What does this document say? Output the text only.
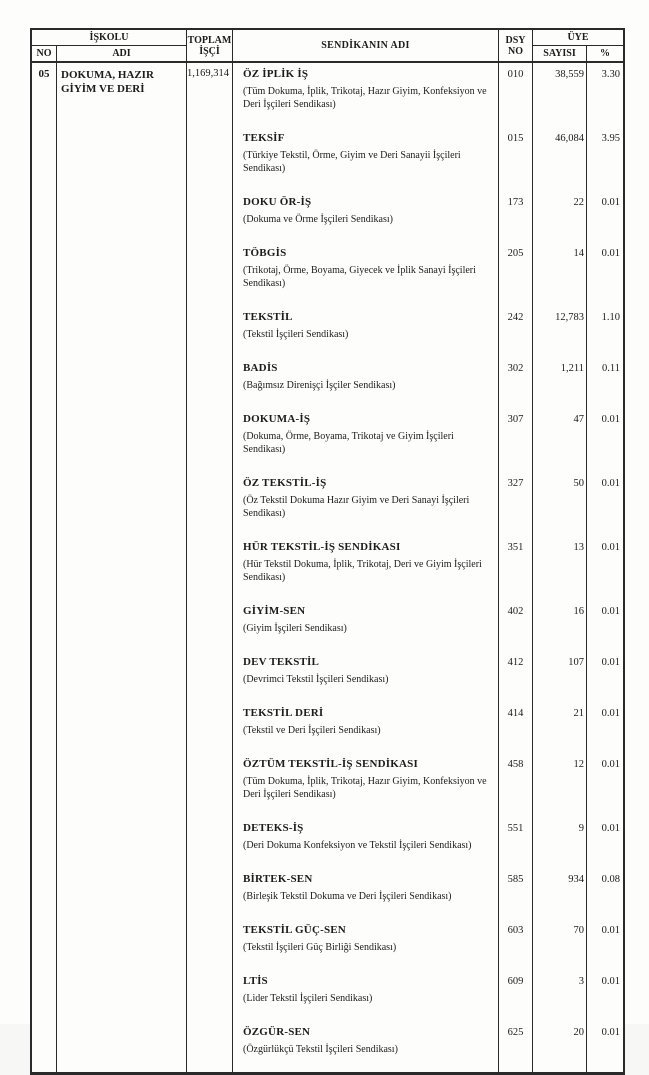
İŞKOLU
NO	ADI
TOPLAM
İŞÇİ	SENDİKANIN ADI	DSY
NO
ÜYE
SAYISI	%
05	DOKUMA, HAZIR GİYİM VE DERİ
1,169,314	ÖZ İPLİK İŞ
(Tüm Dokuma, İplik, Trikotaj, Hazır Giyim, Konfeksiyon ve Deri İşçileri Sendikası)
010	38,559	3.30
TEKSİF
(Türkiye Tekstil, Örme, Giyim ve Deri Sanayii İşçileri Sendikası)
015	46,084	3.95
DOKU ÖR-İŞ
(Dokuma ve Örme İşçileri Sendikası)
173	22	0.01
TÖBGİS
(Trikotaj, Örme, Boyama, Giyecek ve İplik Sanayi İşçileri Sendikası)
205	14	0.01
TEKSTİL
(Tekstil İşçileri Sendikası)
242	12,783	1.10
BADİS
(Bağımsız Direnişçi İşçiler Sendikası)
302	1,211	0.11
DOKUMA-İŞ
(Dokuma, Örme, Boyama, Trikotaj ve Giyim İşçileri Sendikası)
307	47	0.01
ÖZ TEKSTİL-İŞ
(Öz Tekstil Dokuma Hazır Giyim ve Deri Sanayi İşçileri Sendikası)
327	50	0.01
HÜR TEKSTİL-İŞ SENDİKASI
(Hür Tekstil Dokuma, İplik, Trikotaj, Deri ve Giyim İşçileri Sendikası)
351	13	0.01
GİYİM-SEN
(Giyim İşçileri Sendikası)
402	16	0.01
DEV TEKSTİL
(Devrimci Tekstil İşçileri Sendikası)
412	107	0.01
TEKSTİL DERİ
(Tekstil ve Deri İşçileri Sendikası)
414	21	0.01
ÖZTÜM TEKSTİL-İŞ SENDİKASI
(Tüm Dokuma, İplik, Trikotaj, Hazır Giyim, Konfeksiyon ve Deri İşçileri Sendikası)
458	12	0.01
DETEKS-İŞ
(Deri Dokuma Konfeksiyon ve Tekstil İşçileri Sendikası)
551	9	0.01
BİRTEK-SEN
(Birleşik Tekstil Dokuma ve Deri İşçileri Sendikası)
585	934	0.08
TEKSTİL GÜÇ-SEN
(Tekstil İşçileri Güç Birliği Sendikası)
603	70	0.01
LTİS
(Lider Tekstil İşçileri Sendikası)
609	3	0.01
ÖZGÜR-SEN
(Özgürlükçü Tekstil İşçileri Sendikası)
625	20	0.01
